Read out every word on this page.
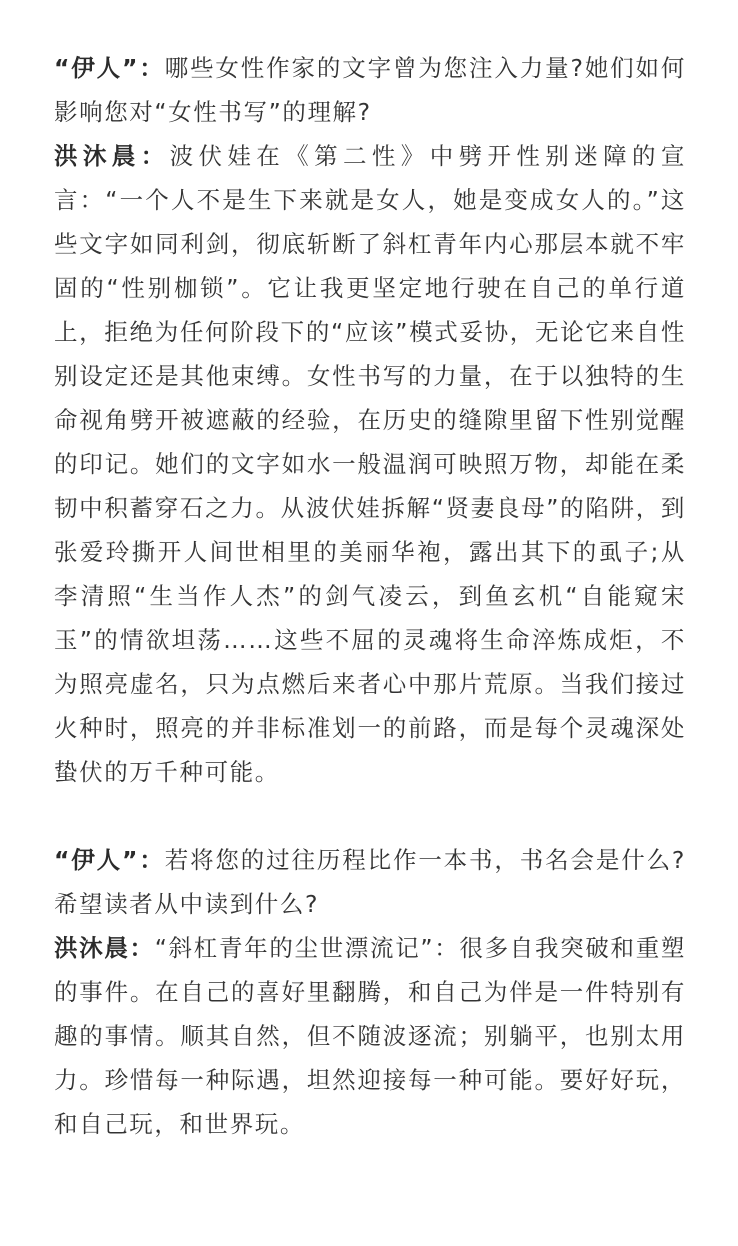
“伊人”：哪些女性作家的文字曾为您注入力量?她们如何影响您对“女性书写”的理解?

洪沐晨：波伏娃在《第二性》中劈开性别迷障的宣言：“一个人不是生下来就是女人，她是变成女人的。”这些文字如同利剑，彻底斩断了斜杠青年内心那层本就不牢固的“性别枷锁”。它让我更坚定地行驶在自己的单行道上，拒绝为任何阶段下的“应该”模式妥协，无论它来自性别设定还是其他束缚。女性书写的力量，在于以独特的生命视角劈开被遮蔽的经验，在历史的缝隙里留下性别觉醒的印记。她们的文字如水一般温润可映照万物，却能在柔韧中积蓄穿石之力。从波伏娃拆解“贤妻良母”的陷阱，到张爱玲撕开人间世相里的美丽华袍，露出其下的虱子;从李清照“生当作人杰”的剑气凌云，到鱼玄机“自能窥宋玉”的情欲坦荡……这些不屈的灵魂将生命淬炼成炬，不为照亮虚名，只为点燃后来者心中那片荒原。当我们接过火种时，照亮的并非标准划一的前路，而是每个灵魂深处蛰伏的万千种可能。

“伊人”：若将您的过往历程比作一本书，书名会是什么?希望读者从中读到什么?

洪沐晨：“斜杠青年的尘世漂流记”：很多自我突破和重塑的事件。在自己的喜好里翻腾，和自己为伴是一件特别有趣的事情。顺其自然，但不随波逐流；别躺平，也别太用力。珍惜每一种际遇，坦然迎接每一种可能。要好好玩，和自己玩，和世界玩。
